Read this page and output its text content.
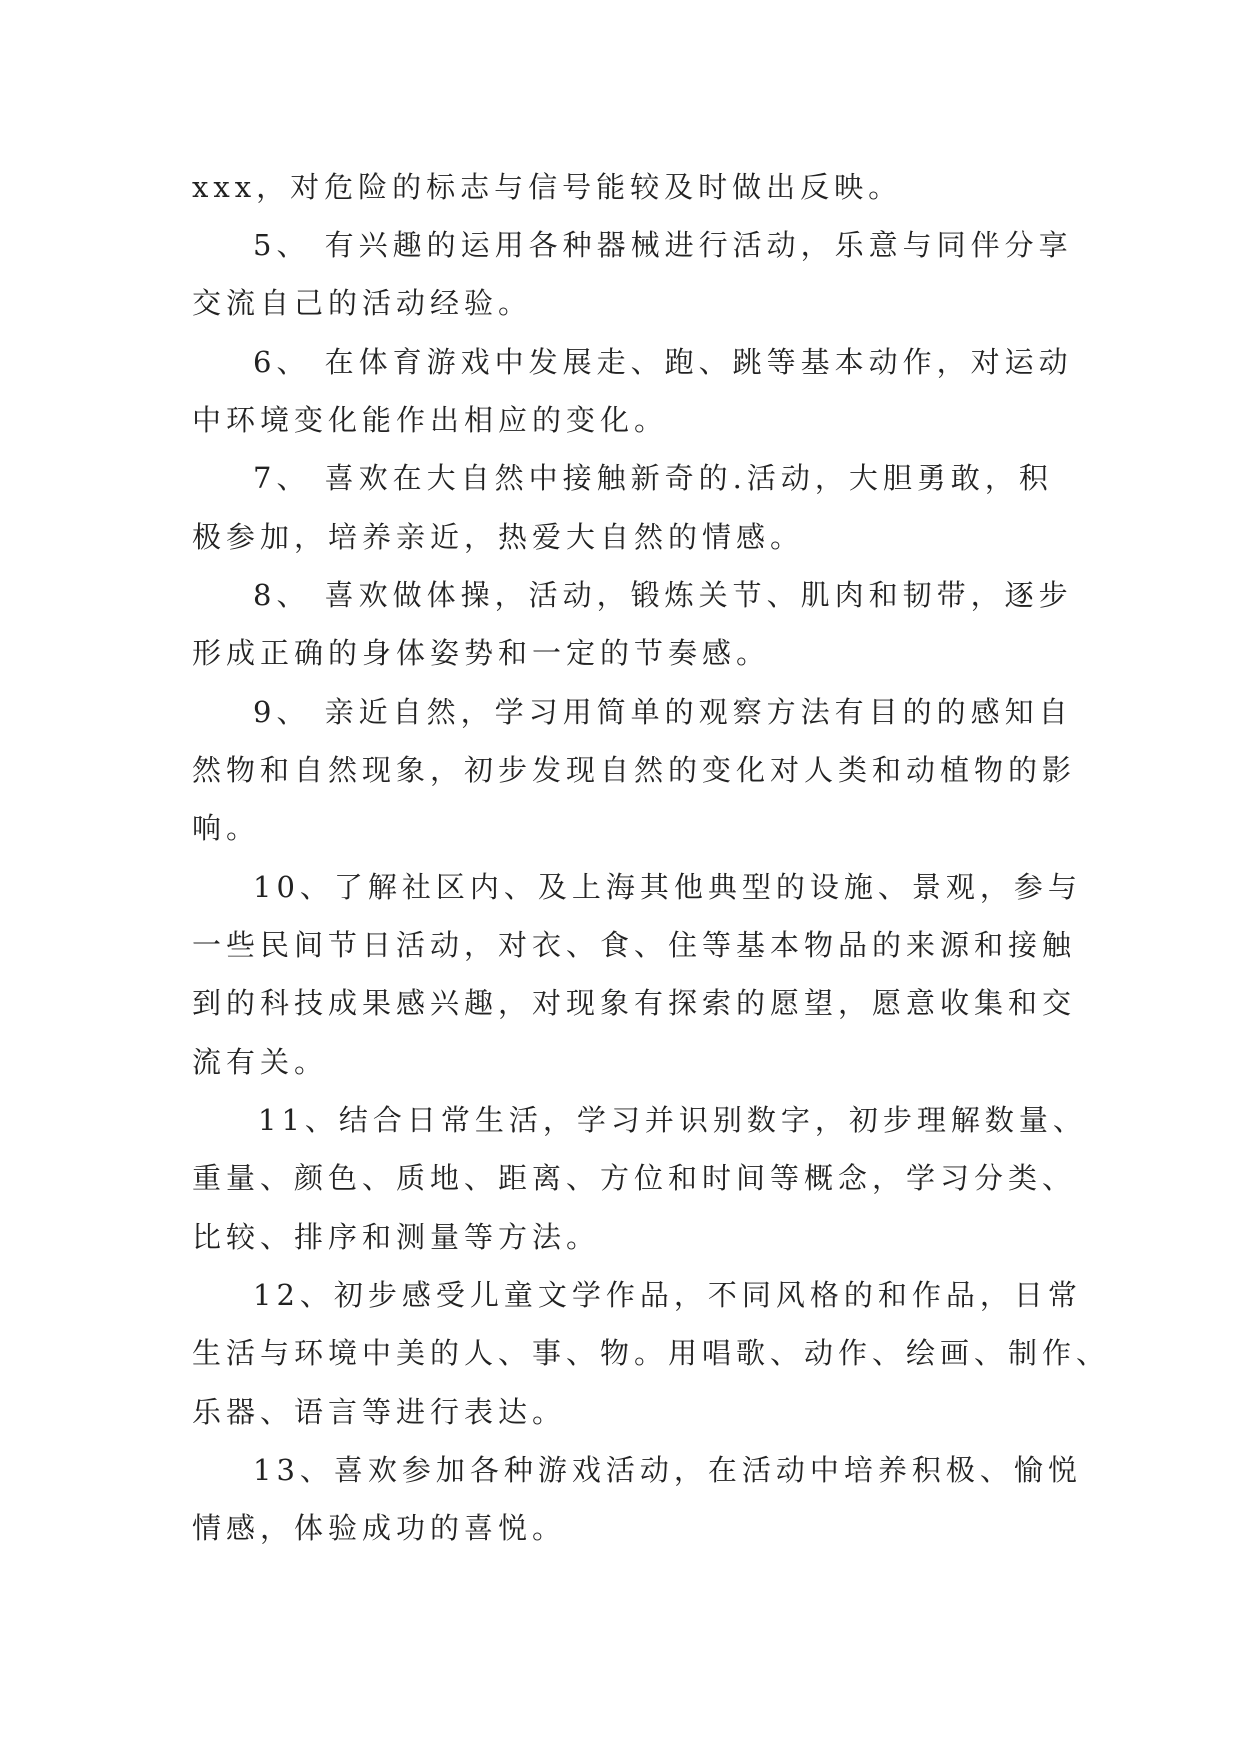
xxx，对危险的标志与信号能较及时做出反映。

5、 有兴趣的运用各种器械进行活动，乐意与同伴分享

交流自己的活动经验。

6、 在体育游戏中发展走、跑、跳等基本动作，对运动

中环境变化能作出相应的变化。

7、 喜欢在大自然中接触新奇的.活动，大胆勇敢，积

极参加，培养亲近，热爱大自然的情感。

8、 喜欢做体操，活动，锻炼关节、肌肉和韧带，逐步

形成正确的身体姿势和一定的节奏感。

9、 亲近自然，学习用简单的观察方法有目的的感知自

然物和自然现象，初步发现自然的变化对人类和动植物的影

响。

10、了解社区内、及上海其他典型的设施、景观，参与

一些民间节日活动，对衣、食、住等基本物品的来源和接触

到的科技成果感兴趣，对现象有探索的愿望，愿意收集和交

流有关。

11、结合日常生活，学习并识别数字，初步理解数量、

重量、颜色、质地、距离、方位和时间等概念，学习分类、

比较、排序和测量等方法。

12、初步感受儿童文学作品，不同风格的和作品，日常

生活与环境中美的人、事、物。用唱歌、动作、绘画、制作、

乐器、语言等进行表达。

13、喜欢参加各种游戏活动，在活动中培养积极、愉悦

情感，体验成功的喜悦。
